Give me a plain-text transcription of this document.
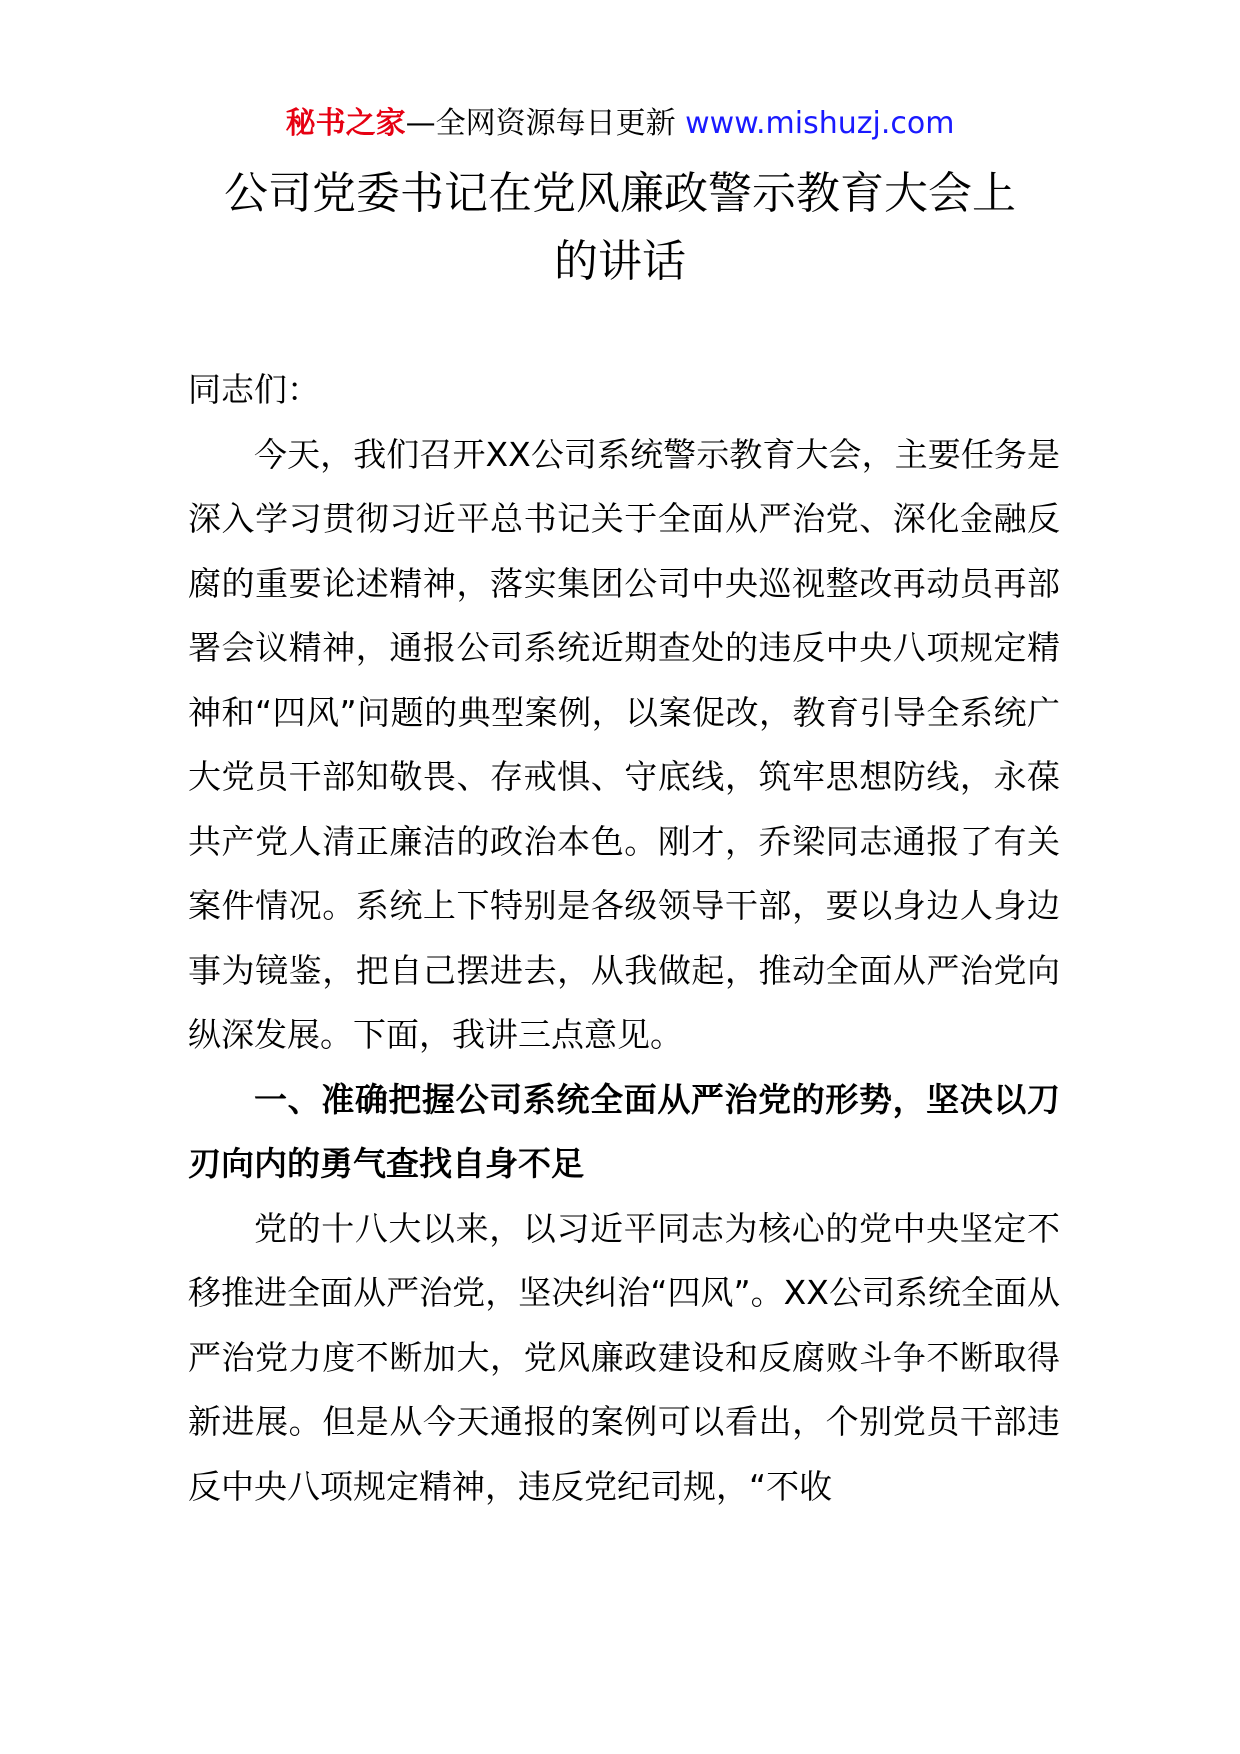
秘书之家—全网资源每日更新 www.mishuzj.com
公司党委书记在党风廉政警示教育大会上
的讲话

同志们：

今天，我们召开XX公司系统警示教育大会，主要任务是深入学习贯彻习近平总书记关于全面从严治党、深化金融反腐的重要论述精神，落实集团公司中央巡视整改再动员再部署会议精神，通报公司系统近期查处的违反中央八项规定精神和“四风”问题的典型案例，以案促改，教育引导全系统广大党员干部知敬畏、存戒惧、守底线，筑牢思想防线，永葆共产党人清正廉洁的政治本色。刚才，乔梁同志通报了有关案件情况。系统上下特别是各级领导干部，要以身边人身边事为镜鉴，把自己摆进去，从我做起，推动全面从严治党向纵深发展。下面，我讲三点意见。

一、准确把握公司系统全面从严治党的形势，坚决以刀刃向内的勇气查找自身不足

党的十八大以来，以习近平同志为核心的党中央坚定不移推进全面从严治党，坚决纠治“四风”。XX公司系统全面从严治党力度不断加大，党风廉政建设和反腐败斗争不断取得新进展。但是从今天通报的案例可以看出，个别党员干部违反中央八项规定精神，违反党纪司规，“不收
